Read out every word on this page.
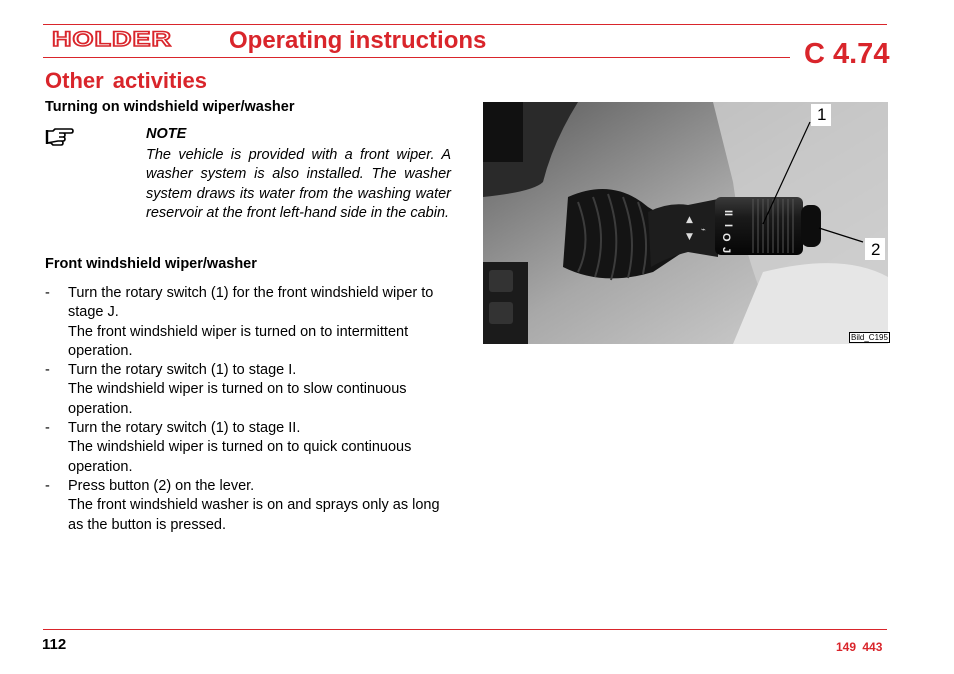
HOLDER Operating instructions	C 4.74
Other activities
Turning on windshield wiper/washer
NOTE
The vehicle is provided with a front wiper. A washer system is also installed. The washer system draws its water from the washing water reservoir at the front left-hand side in the cabin.
Front windshield wiper/washer
- Turn the rotary switch (1) for the front windshield wiper to stage J.
The front windshield wiper is turned on to intermittent operation.
- Turn the rotary switch (1) to stage I.
The windshield wiper is turned on to slow continuous operation.
- Turn the rotary switch (1) to stage II.
The windshield wiper is turned on to quick continuous operation.
- Press button (2) on the lever.
The front windshield washer is on and sprays only as long as the button is pressed.
▲
▼
⌁
II
I
O
J
1
2
Bild_C195
112	149 443
